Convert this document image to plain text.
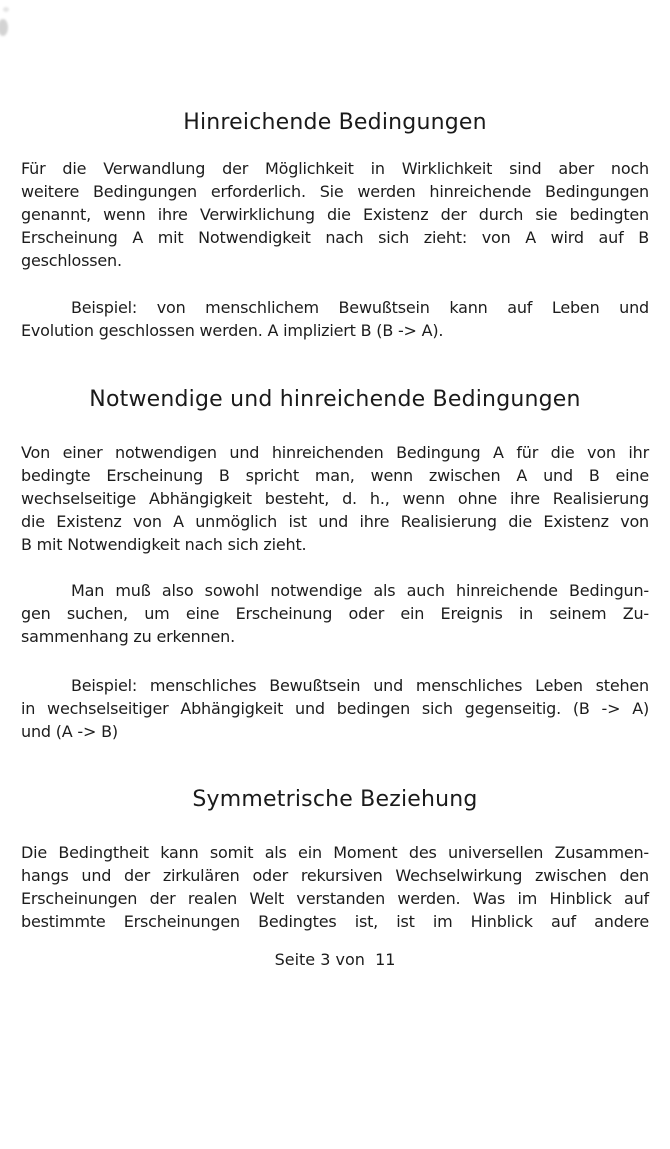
Hinreichende Bedingungen
Für die Verwandlung der Möglichkeit in Wirklichkeit sind aber noch
weitere Bedingungen erforderlich. Sie werden hinreichende Bedingungen
genannt, wenn ihre Verwirklichung die Existenz der durch sie bedingten
Erscheinung A mit Notwendigkeit nach sich zieht: von A wird auf B
geschlossen.
Beispiel: von menschlichem Bewußtsein kann auf Leben und
Evolution geschlossen werden. A impliziert B (B -> A).
Notwendige und hinreichende Bedingungen
Von einer notwendigen und hinreichenden Bedingung A für die von ihr
bedingte Erscheinung B spricht man, wenn zwischen A und B eine
wechselseitige Abhängigkeit besteht, d. h., wenn ohne ihre Realisierung
die Existenz von A unmöglich ist und ihre Realisierung die Existenz von
B mit Notwendigkeit nach sich zieht.
Man muß also sowohl notwendige als auch hinreichende Bedingun-
gen suchen, um eine Erscheinung oder ein Ereignis in seinem Zu-
sammenhang zu erkennen.
Beispiel: menschliches Bewußtsein und menschliches Leben stehen
in wechselseitiger Abhängigkeit und bedingen sich gegenseitig. (B -> A)
und (A -> B)
Symmetrische Beziehung
Die Bedingtheit kann somit als ein Moment des universellen Zusammen-
hangs und der zirkulären oder rekursiven Wechselwirkung zwischen den
Erscheinungen der realen Welt verstanden werden. Was im Hinblick auf
bestimmte Erscheinungen Bedingtes ist, ist im Hinblick auf andere
Seite 3 von  11
